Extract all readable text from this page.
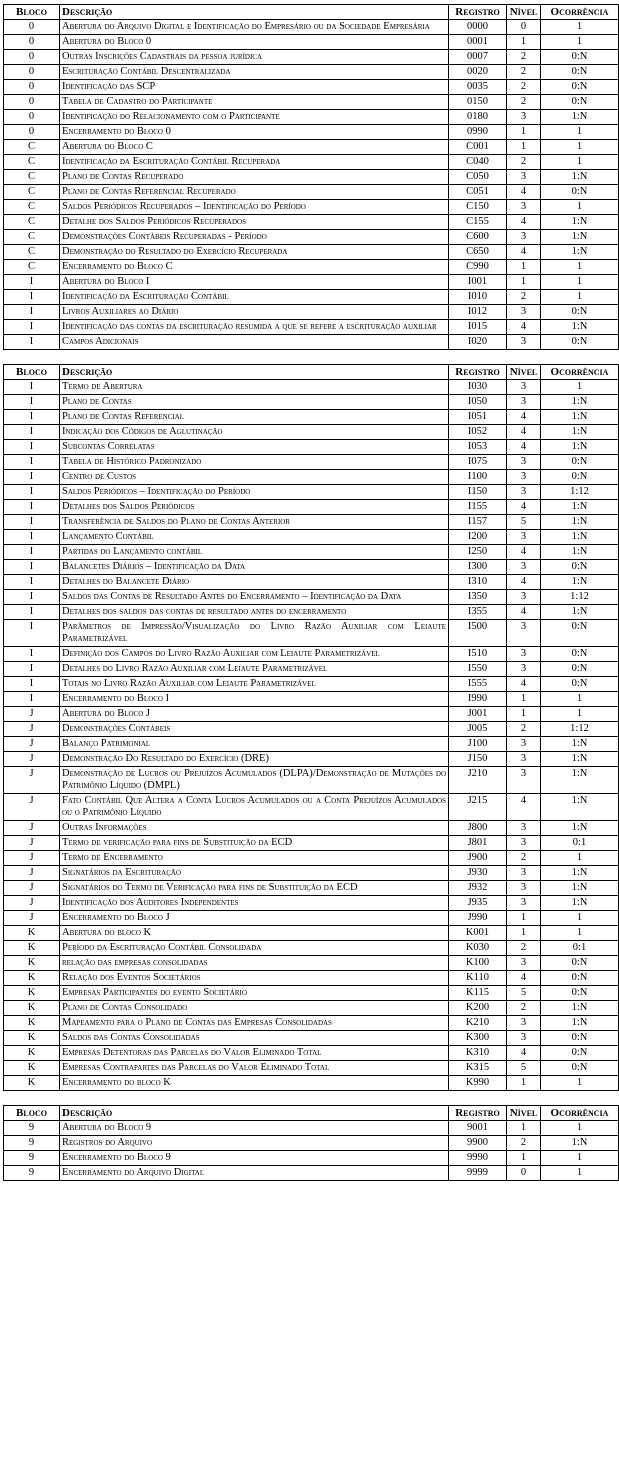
Bloco	Descrição	Registro	Nível	Ocorrência
0	Abertura do Arquivo Digital e Identificação do Empresário ou da Sociedade Empresária	0000	0	1
0	Abertura do Bloco 0	0001	1	1
0	Outras Inscrições Cadastrais da pessoa jurídica	0007	2	0:N
0	Escrituração Contábil Descentralizada	0020	2	0:N
0	Identificação das SCP	0035	2	0:N
0	Tabela de Cadastro do Participante	0150	2	0:N
0	Identificação do Relacionamento com o Participante	0180	3	1:N
0	Encerramento do Bloco 0	0990	1	1
C	Abertura do Bloco C	C001	1	1
C	Identificação da Escrituração Contábil Recuperada	C040	2	1
C	Plano de Contas Recuperado	C050	3	1:N
C	Plano de Contas Referencial Recuperado	C051	4	0:N
C	Saldos Periódicos Recuperados – Identificação do Período	C150	3	1
C	Detalhe dos Saldos Periódicos Recuperados	C155	4	1:N
C	Demonstrações Contábeis Recuperadas - Período	C600	3	1:N
C	Demonstração do Resultado do Exercício Recuperada	C650	4	1:N
C	Encerramento do Bloco C	C990	1	1
I	Abertura do Bloco I	I001	1	1
I	Identificação da Escrituração Contábil	I010	2	1
I	Livros Auxiliares ao Diário	I012	3	0:N
I	Identificação das contas da escrituração resumida a que se refere a escrituração auxiliar	I015	4	1:N
I	Campos Adicionais	I020	3	0:N
Bloco	Descrição	Registro	Nível	Ocorrência
I	Termo de Abertura	I030	3	1
I	Plano de Contas	I050	3	1:N
I	Plano de Contas Referencial	I051	4	1:N
I	Indicação dos Códigos de Aglutinação	I052	4	1:N
I	Subcontas Correlatas	I053	4	1:N
I	Tabela de Histórico Padronizado	I075	3	0:N
I	Centro de Custos	I100	3	0:N
I	Saldos Periódicos – Identificação do Período	I150	3	1:12
I	Detalhes dos Saldos Periódicos	I155	4	1:N
I	Transferência de Saldos do Plano de Contas Anterior	I157	5	1:N
I	Lançamento Contábil	I200	3	1:N
I	Partidas do Lançamento contábil	I250	4	1:N
I	Balancetes Diários – Identificação da Data	I300	3	0:N
I	Detalhes do Balancete Diário	I310	4	1:N
I	Saldos das Contas de Resultado Antes do Encerramento – Identificação da Data	I350	3	1:12
I	Detalhes dos saldos das contas de resultado antes do encerramento	I355	4	1:N
I	Parâmetros de Impressão/Visualização do Livro Razão Auxiliar com Leiaute Parametrizável	I500	3	0:N
I	Definição dos Campos do Livro Razão Auxiliar com Leiaute Parametrizável	I510	3	0:N
I	Detalhes do Livro Razão Auxiliar com Leiaute Parametrizável	I550	3	0:N
I	Totais no Livro Razão Auxiliar com Leiaute Parametrizável	I555	4	0:N
I	Encerramento do Bloco I	I990	1	1
J	Abertura do Bloco J	J001	1	1
J	Demonstrações Contábeis	J005	2	1:12
J	Balanço Patrimonial	J100	3	1:N
J	Demonstração Do Resultado do Exercício (DRE)	J150	3	1:N
J	Demonstração de Lucros ou Prejuízos Acumulados (DLPA)/Demonstração de Mutações do Patrimônio Líquido (DMPL)	J210	3	1:N
J	Fato Contábil Que Altera a Conta Lucros Acumulados ou a Conta Prejuízos Acumulados ou o Patrimônio Líquido	J215	4	1:N
J	Outras Informações	J800	3	1:N
J	Termo de verificação para fins de Substituição da ECD	J801	3	0:1
J	Termo de Encerramento	J900	2	1
J	Signatários da Escrituração	J930	3	1:N
J	Signatários do Termo de Verificação para fins de Substituição da ECD	J932	3	1:N
J	Identificação dos Auditores Independentes	J935	3	1:N
J	Encerramento do Bloco J	J990	1	1
K	Abertura do bloco K	K001	1	1
K	Período da Escrituração Contábil Consolidada	K030	2	0:1
K	relação das empresas consolidadas	K100	3	0:N
K	Relação dos Eventos Societários	K110	4	0:N
K	Empresas Participantes do evento Societário	K115	5	0:N
K	Plano de Contas Consolidado	K200	2	1:N
K	Mapeamento para o Plano de Contas das Empresas Consolidadas	K210	3	1:N
K	Saldos das Contas Consolidadas	K300	3	0:N
K	Empresas Detentoras das Parcelas do Valor Eliminado Total	K310	4	0:N
K	Empresas Contrapartes das Parcelas do Valor Eliminado Total	K315	5	0:N
K	Encerramento do bloco K	K990	1	1
Bloco	Descrição	Registro	Nível	Ocorrência
9	Abertura do Bloco 9	9001	1	1
9	Registros do Arquivo	9900	2	1:N
9	Encerramento do Bloco 9	9990	1	1
9	Encerramento do Arquivo Digital	9999	0	1
